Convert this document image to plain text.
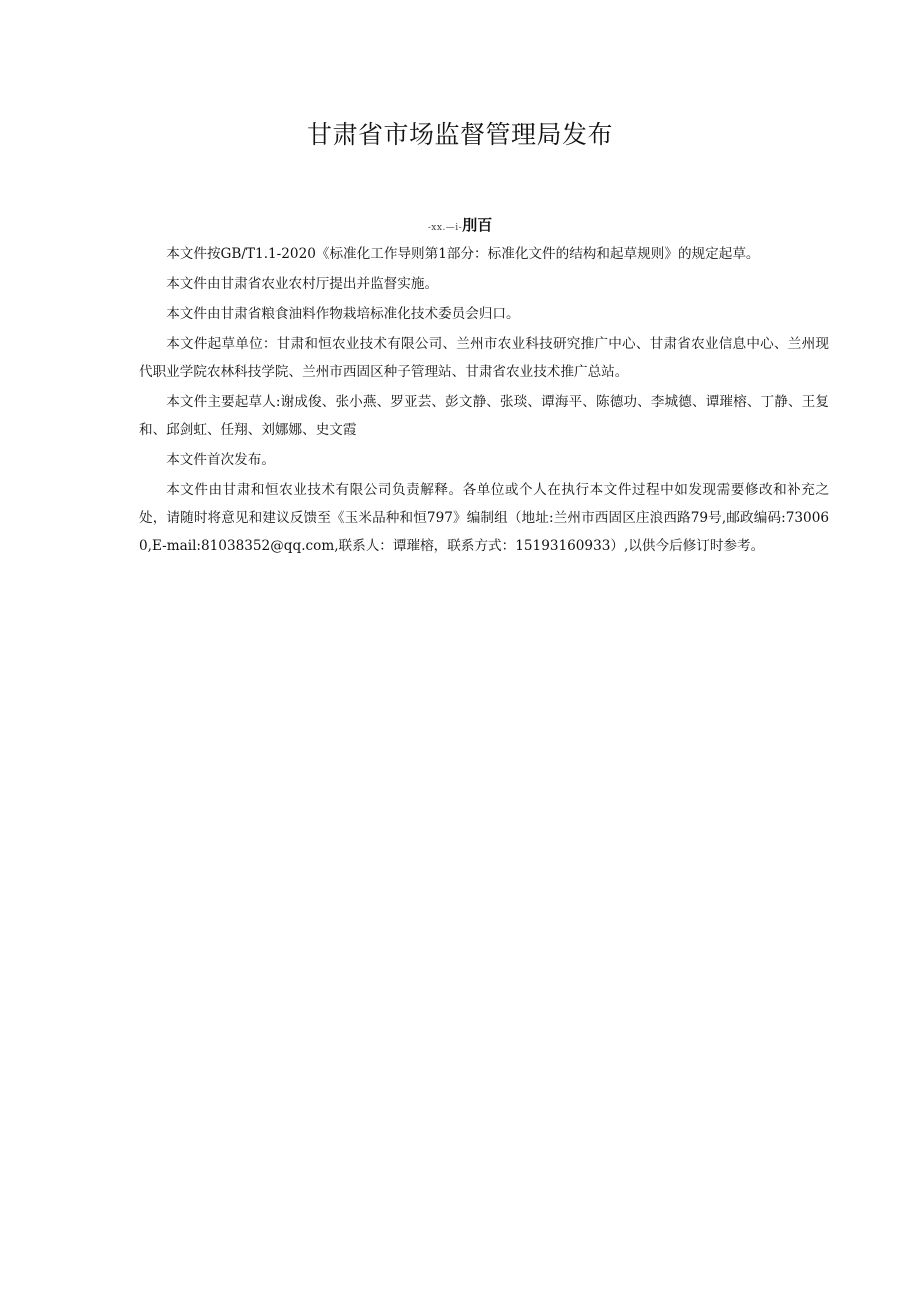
甘肃省市场监督管理局发布
-xx.—i-刖百

本文件按GB/T1.1-2020《标准化工作导则第1部分：标准化文件的结构和起草规则》的规定起草。

本文件由甘肃省农业农村厅提出并监督实施。

本文件由甘肃省粮食油料作物栽培标准化技术委员会归口。

本文件起草单位：甘肃和恒农业技术有限公司、兰州市农业科技研究推广中心、甘肃省农业信息中心、兰州现代职业学院农林科技学院、兰州市西固区种子管理站、甘肃省农业技术推广总站。

本文件主要起草人:谢成俊、张小燕、罗亚芸、彭文静、张琰、谭海平、陈德功、李城德、谭璀榕、丁静、王复和、邱剑虹、任翔、刘娜娜、史文霞

本文件首次发布。

本文件由甘肃和恒农业技术有限公司负责解释。各单位或个人在执行本文件过程中如发现需要修改和补充之处，请随时将意见和建议反馈至《玉米品种和恒797》编制组（地址:兰州市西固区庄浪西路79号,邮政编码:730060,E-mail:81038352@qq.com,联系人：谭璀榕，联系方式：15193160933）,以供今后修订时参考。
